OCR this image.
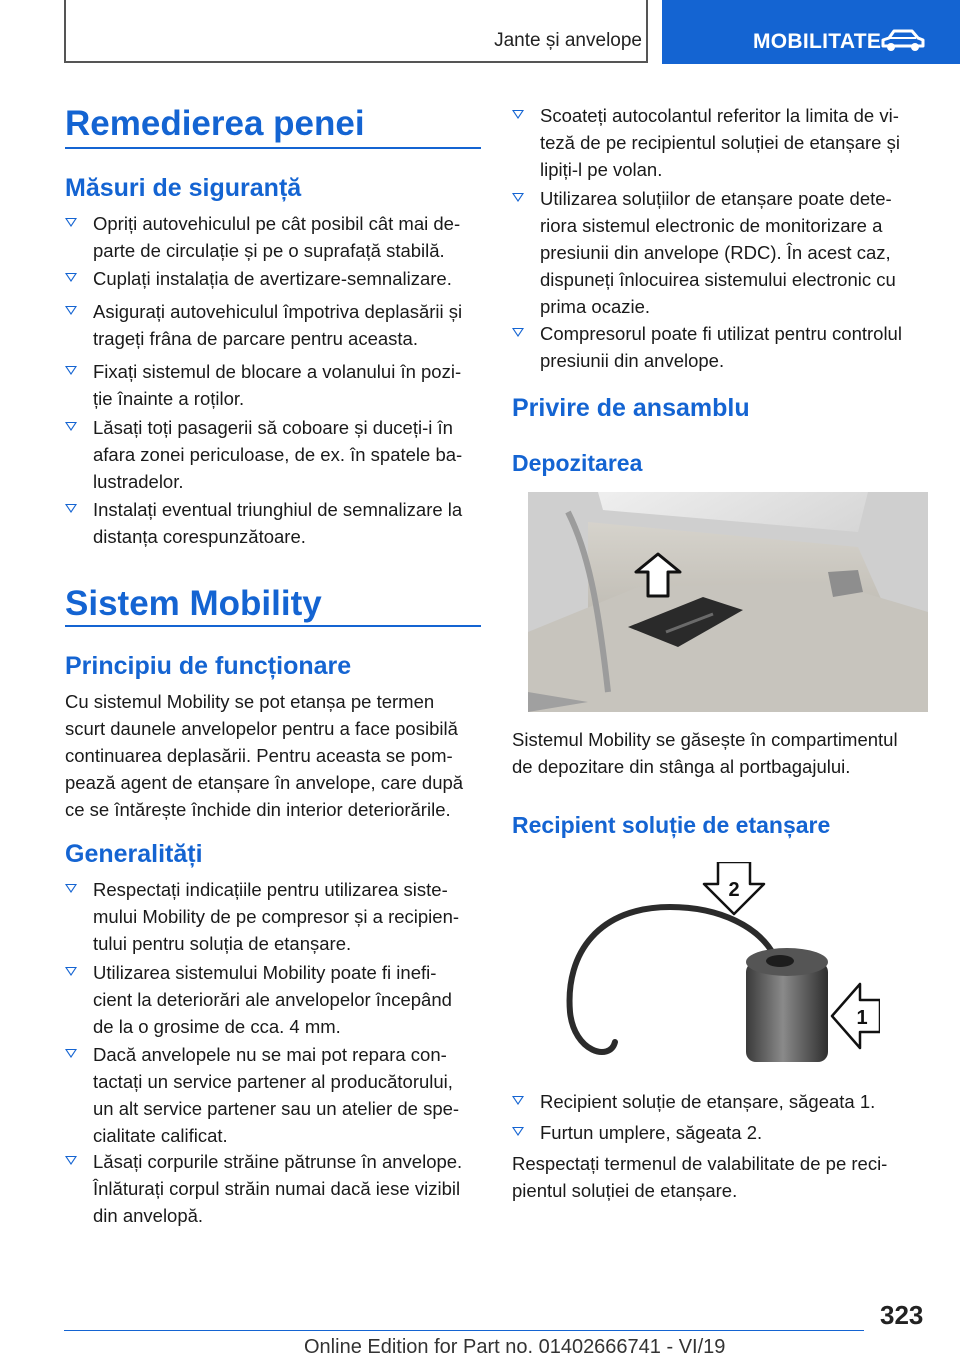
Jante și anvelope	MOBILITATE
Remedierea penei
Măsuri de siguranță
Opriți autovehiculul pe cât posibil cât mai de-
parte de circulație și pe o suprafață stabilă.
Cuplați instalația de avertizare-semnalizare.
Asigurați autovehiculul împotriva deplasării și
trageți frâna de parcare pentru aceasta.
Fixați sistemul de blocare a volanului în pozi-
ție înainte a roților.
Lăsați toți pasagerii să coboare și duceți-i în
afara zonei periculoase, de ex. în spatele ba-
lustradelor.
Instalați eventual triunghiul de semnalizare la
distanța corespunzătoare.
Sistem Mobility
Principiu de funcționare
Cu sistemul Mobility se pot etanșa pe termen
scurt daunele anvelopelor pentru a face posibilă
continuarea deplasării. Pentru aceasta se pom-
pează agent de etanșare în anvelope, care după
ce se întărește închide din interior deteriorările.
Generalități
Respectați indicațiile pentru utilizarea siste-
mului Mobility de pe compresor și a recipien-
tului pentru soluția de etanșare.
Utilizarea sistemului Mobility poate fi inefi-
cient la deteriorări ale anvelopelor începând
de la o grosime de cca. 4 mm.
Dacă anvelopele nu se mai pot repara con-
tactați un service partener al producătorului,
un alt service partener sau un atelier de spe-
cialitate calificat.
Lăsați corpurile străine pătrunse în anvelope.
Înlăturați corpul străin numai dacă iese vizibil
din anvelopă.
Scoateți autocolantul referitor la limita de vi-
teză de pe recipientul soluției de etanșare și
lipiți-l pe volan.
Utilizarea soluțiilor de etanșare poate dete-
riora sistemul electronic de monitorizare a
presiunii din anvelope (RDC). În acest caz,
dispuneți înlocuirea sistemului electronic cu
prima ocazie.
Compresorul poate fi utilizat pentru controlul
presiunii din anvelope.
Privire de ansamblu
Depozitarea
Sistemul Mobility se găsește în compartimentul
de depozitare din stânga al portbagajului.
Recipient soluție de etanșare
2
1
Recipient soluție de etanșare, săgeata 1.
Furtun umplere, săgeata 2.
Respectați termenul de valabilitate de pe reci-
pientul soluției de etanșare.
323
Online Edition for Part no. 01402666741 - VI/19
